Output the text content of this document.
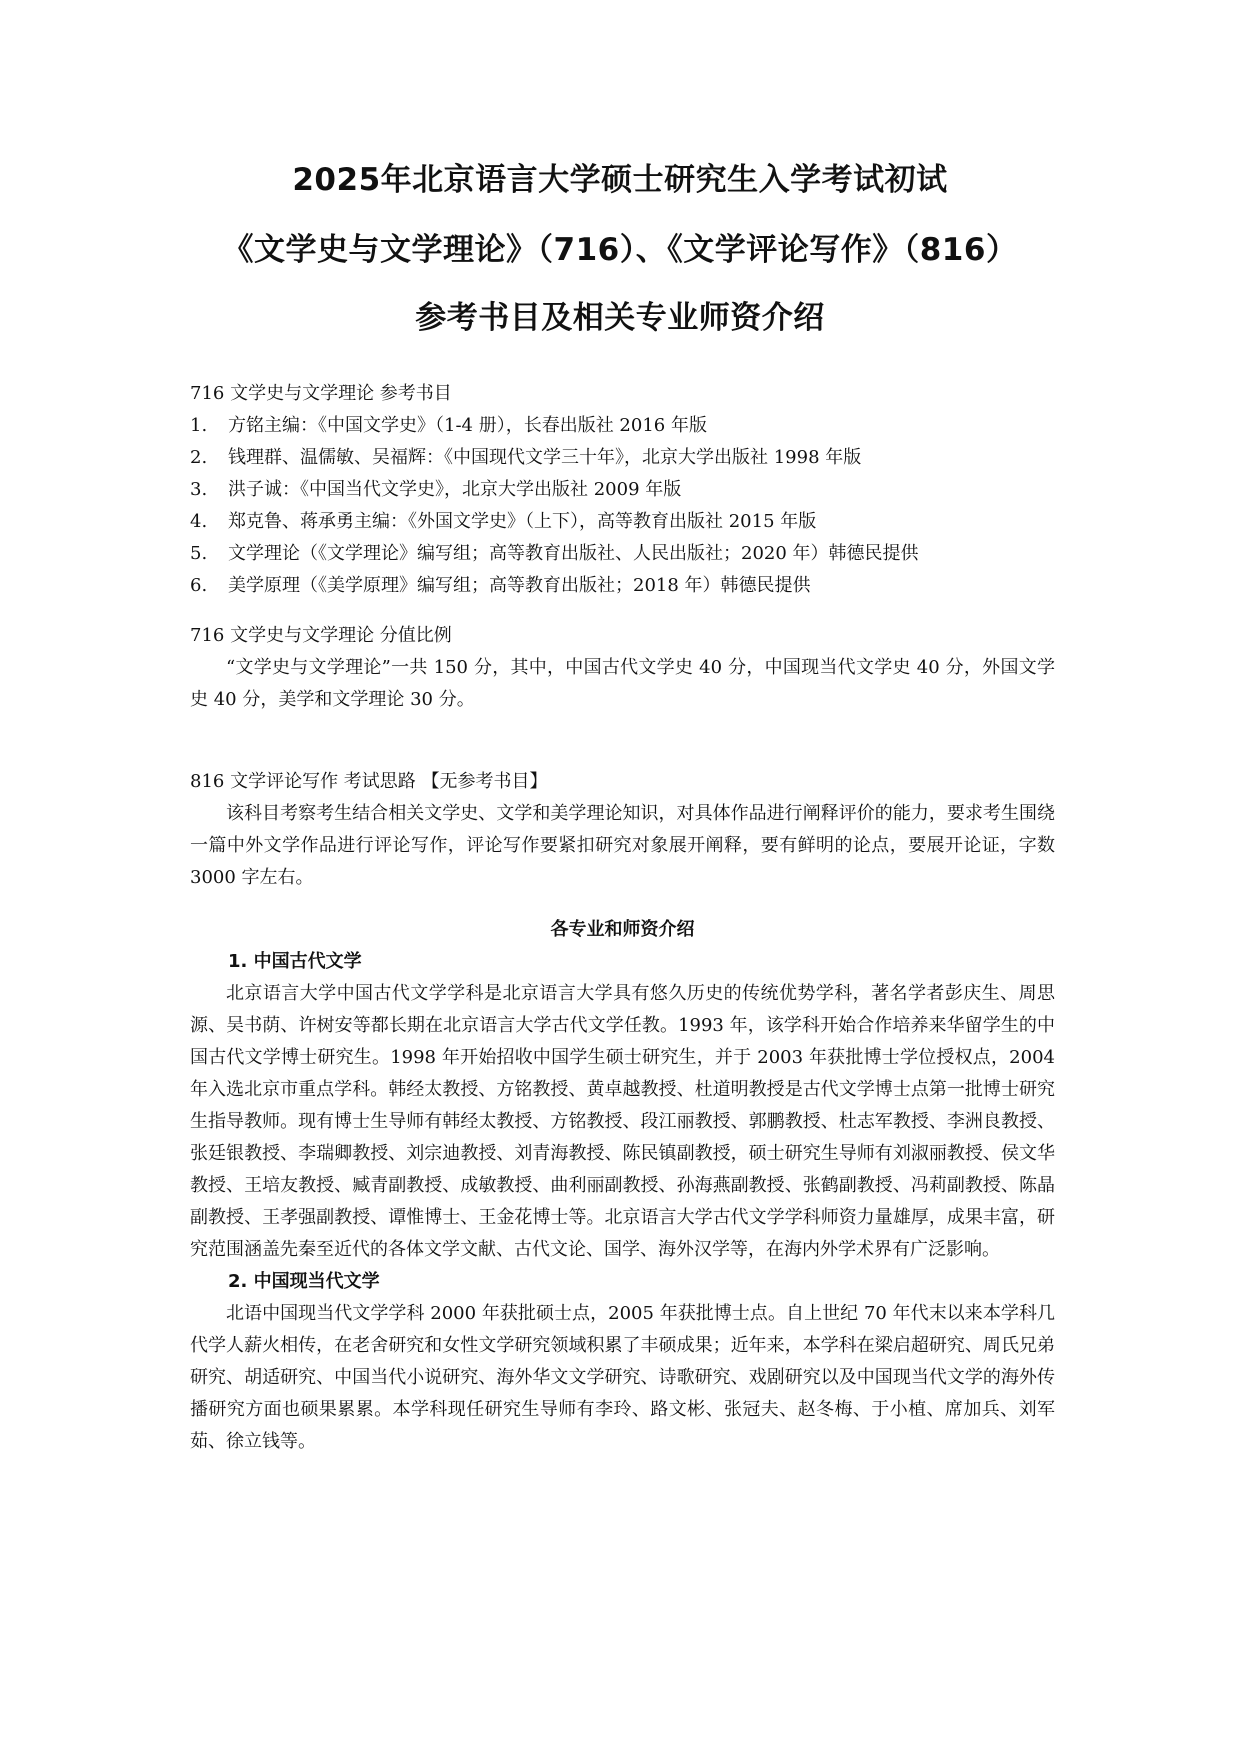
2025年北京语言大学硕士研究生入学考试初试
《文学史与文学理论》（716）、《文学评论写作》（816）
参考书目及相关专业师资介绍

716 文学史与文学理论 参考书目

1.	方铭主编：《中国文学史》（1-4 册），长春出版社 2016 年版
2.	钱理群、温儒敏、吴福辉：《中国现代文学三十年》，北京大学出版社 1998 年版
3.	洪子诚：《中国当代文学史》，北京大学出版社 2009 年版
4.	郑克鲁、蒋承勇主编：《外国文学史》（上下），高等教育出版社 2015 年版
5.	文学理论（《文学理论》编写组；高等教育出版社、人民出版社；2020 年）韩德民提供
6.	美学原理（《美学原理》编写组；高等教育出版社；2018 年）韩德民提供

716 文学史与文学理论 分值比例

“文学史与文学理论”一共 150 分，其中，中国古代文学史 40 分，中国现当代文学史 40 分，外国文学史 40 分，美学和文学理论 30 分。

816 文学评论写作 考试思路 【无参考书目】

该科目考察考生结合相关文学史、文学和美学理论知识，对具体作品进行阐释评价的能力，要求考生围绕一篇中外文学作品进行评论写作，评论写作要紧扣研究对象展开阐释，要有鲜明的论点，要展开论证，字数 3000 字左右。

各专业和师资介绍

1. 中国古代文学

北京语言大学中国古代文学学科是北京语言大学具有悠久历史的传统优势学科，著名学者彭庆生、周思源、吴书荫、许树安等都长期在北京语言大学古代文学任教。1993 年，该学科开始合作培养来华留学生的中国古代文学博士研究生。1998 年开始招收中国学生硕士研究生，并于 2003 年获批博士学位授权点，2004 年入选北京市重点学科。韩经太教授、方铭教授、黄卓越教授、杜道明教授是古代文学博士点第一批博士研究生指导教师。现有博士生导师有韩经太教授、方铭教授、段江丽教授、郭鹏教授、杜志军教授、李洲良教授、张廷银教授、李瑞卿教授、刘宗迪教授、刘青海教授、陈民镇副教授，硕士研究生导师有刘淑丽教授、侯文华教授、王培友教授、臧青副教授、成敏教授、曲利丽副教授、孙海燕副教授、张鹤副教授、冯莉副教授、陈晶副教授、王孝强副教授、谭惟博士、王金花博士等。北京语言大学古代文学学科师资力量雄厚，成果丰富，研究范围涵盖先秦至近代的各体文学文献、古代文论、国学、海外汉学等，在海内外学术界有广泛影响。

2. 中国现当代文学

北语中国现当代文学学科 2000 年获批硕士点，2005 年获批博士点。自上世纪 70 年代末以来本学科几代学人薪火相传，在老舍研究和女性文学研究领域积累了丰硕成果；近年来，本学科在梁启超研究、周氏兄弟研究、胡适研究、中国当代小说研究、海外华文文学研究、诗歌研究、戏剧研究以及中国现当代文学的海外传播研究方面也硕果累累。本学科现任研究生导师有李玲、路文彬、张冠夫、赵冬梅、于小植、席加兵、刘军茹、徐立钱等。
